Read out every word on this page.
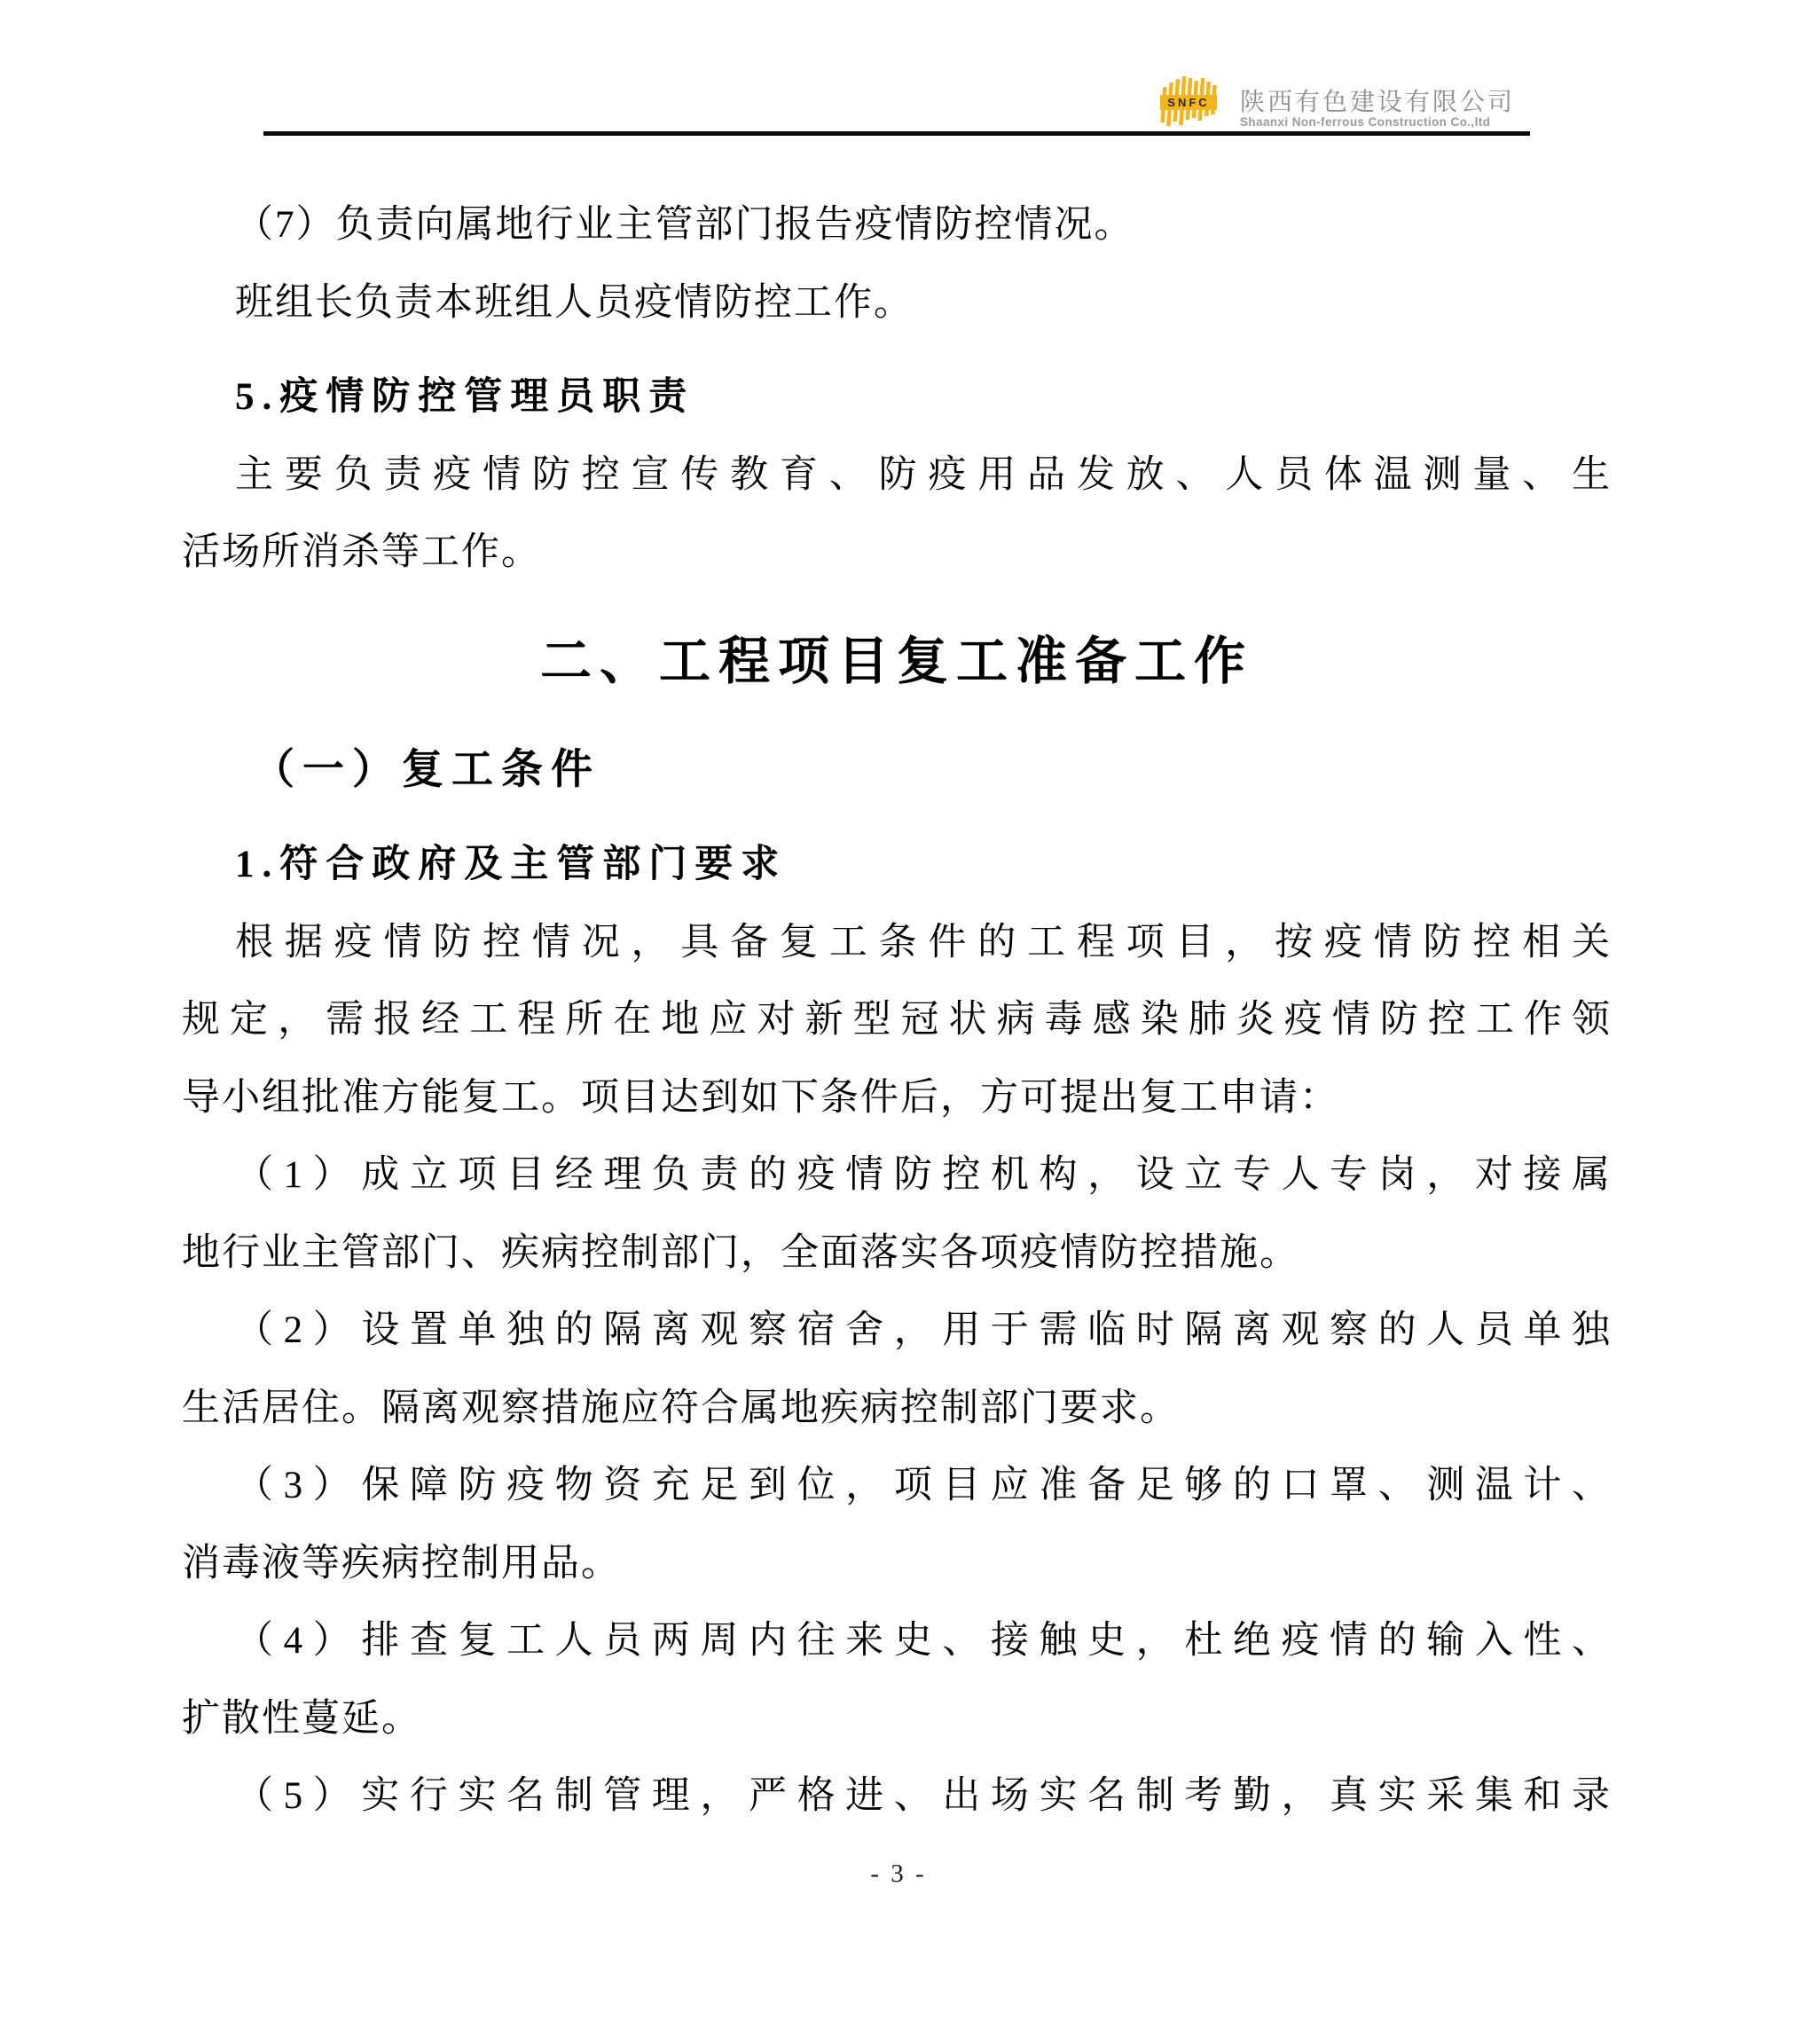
SNFC 陕西有色建设有限公司
Shaanxi Non-ferrous Construction Co.,ltd
（7）负责向属地行业主管部门报告疫情防控情况。
班组长负责本班组人员疫情防控工作。
5.疫情防控管理员职责
主要负责疫情防控宣传教育、防疫用品发放、人员体温测量、生
活场所消杀等工作。
二、工程项目复工准备工作
（一）复工条件
1.符合政府及主管部门要求
根据疫情防控情况，具备复工条件的工程项目，按疫情防控相关
规定，需报经工程所在地应对新型冠状病毒感染肺炎疫情防控工作领
导小组批准方能复工。项目达到如下条件后，方可提出复工申请：
（1）成立项目经理负责的疫情防控机构，设立专人专岗，对接属
地行业主管部门、疾病控制部门，全面落实各项疫情防控措施。
（2）设置单独的隔离观察宿舍，用于需临时隔离观察的人员单独
生活居住。隔离观察措施应符合属地疾病控制部门要求。
（3）保障防疫物资充足到位，项目应准备足够的口罩、测温计、
消毒液等疾病控制用品。
（4）排查复工人员两周内往来史、接触史，杜绝疫情的输入性、
扩散性蔓延。
（5）实行实名制管理，严格进、出场实名制考勤，真实采集和录
- 3 -
